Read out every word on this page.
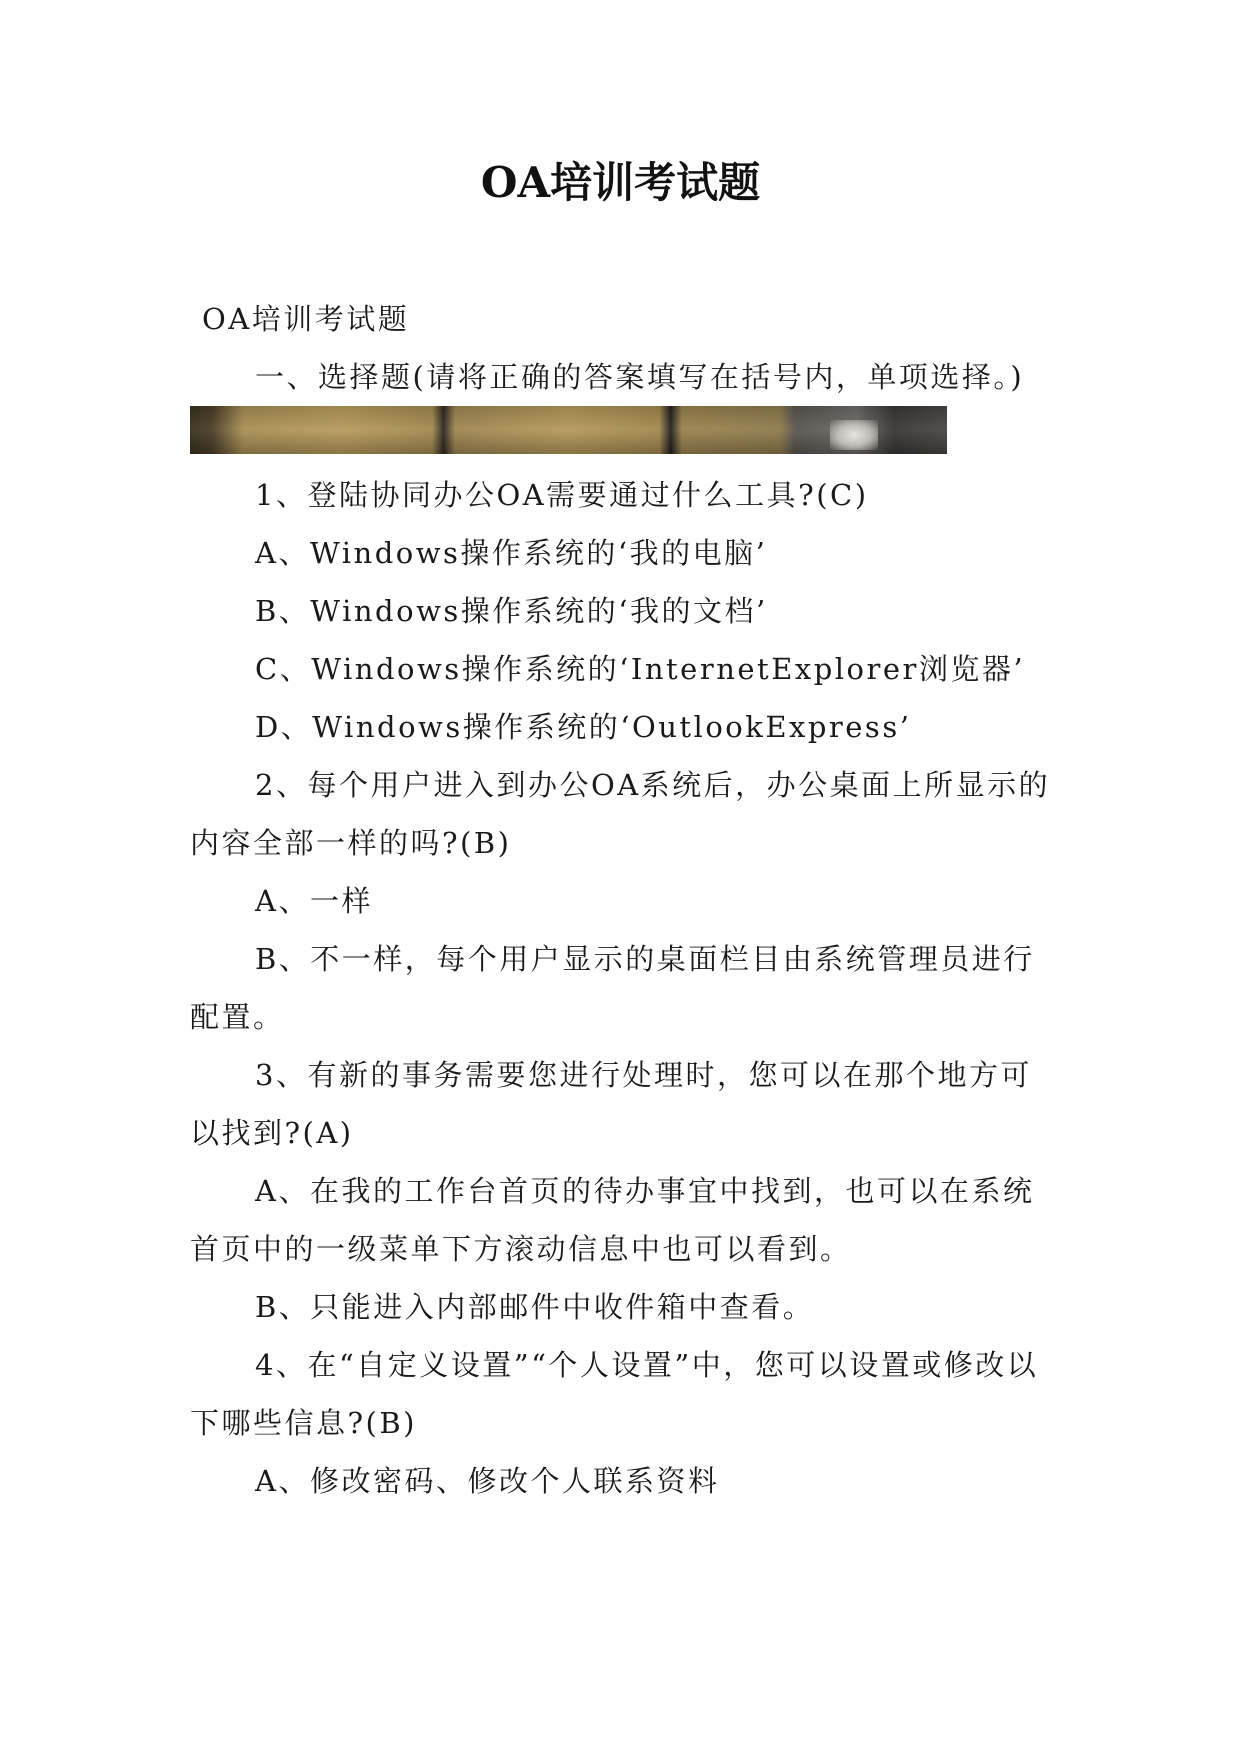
OA培训考试题

OA培训考试题

一、选择题(请将正确的答案填写在括号内，单项选择。)

1、登陆协同办公OA需要通过什么工具?(C)

A、Windows操作系统的‘我的电脑’

B、Windows操作系统的‘我的文档’

C、Windows操作系统的‘InternetExplorer浏览器’

D、Windows操作系统的‘OutlookExpress’

2、每个用户进入到办公OA系统后，办公桌面上所显示的内容全部一样的吗?(B)

A、一样

B、不一样，每个用户显示的桌面栏目由系统管理员进行配置。

3、有新的事务需要您进行处理时，您可以在那个地方可以找到?(A)

A、在我的工作台首页的待办事宜中找到，也可以在系统首页中的一级菜单下方滚动信息中也可以看到。

B、只能进入内部邮件中收件箱中查看。

4、在“自定义设置”“个人设置”中，您可以设置或修改以下哪些信息?(B)

A、修改密码、修改个人联系资料
